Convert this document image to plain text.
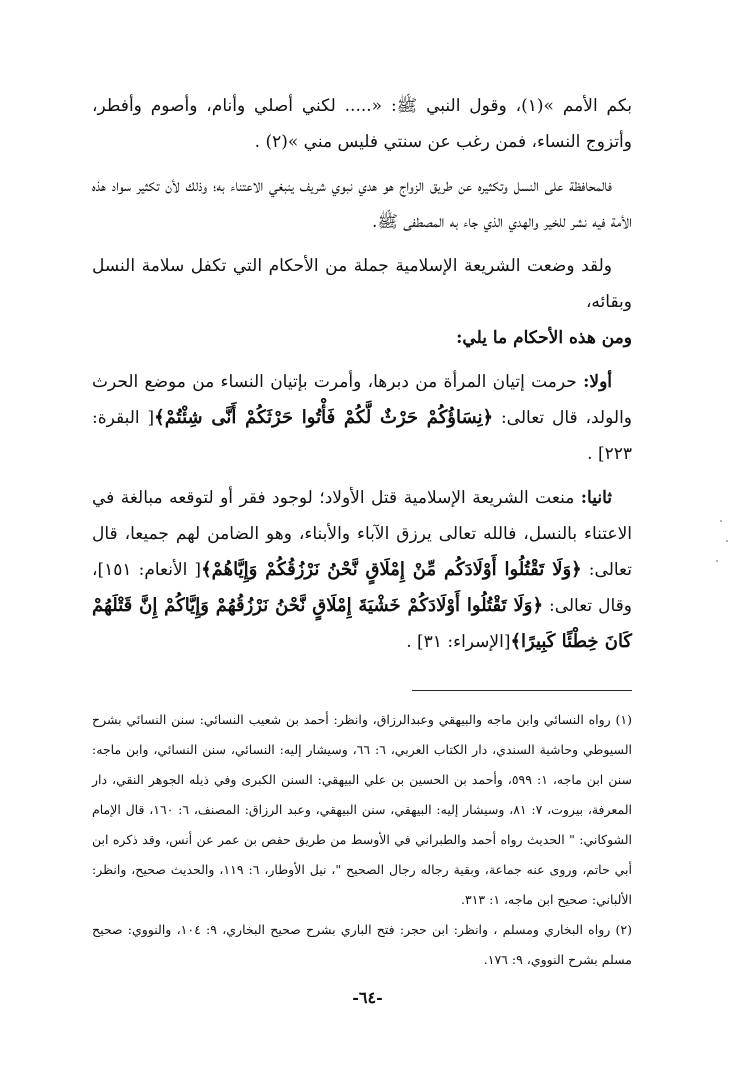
بكم الأمم »(١)، وقول النبي ﷺ: «..... لكني أصلي وأنام، وأصوم وأفطر، وأتزوج النساء، فمن رغب عن سنتي فليس مني »(٢) .

فالمحافظة على النسل وتكثيره عن طريق الزواج هو هدي نبوي شريف ينبغي الاعتناء به؛ وذلك لأن تكثير سواد هذه الأمة فيه نشر للخير والهدي الذي جاء به المصطفى ﷺ.

ولقد وضعت الشريعة الإسلامية جملة من الأحكام التي تكفل سلامة النسل وبقائه،
ومن هذه الأحكام ما يلي:

أولا: حرمت إتيان المرأة من دبرها، وأمرت بإتيان النساء من موضع الحرث والولد، قال تعالى: ﴿نِسَاؤُكُمْ حَرْثٌ لَّكُمْ فَأْتُوا حَرْثَكُمْ أَنَّى شِئْتُمْ﴾[ البقرة: ٢٢٣] .

ثانيا: منعت الشريعة الإسلامية قتل الأولاد؛ لوجود فقر أو لتوقعه مبالغة في الاعتناء بالنسل، فالله تعالى يرزق الآباء والأبناء، وهو الضامن لهم جميعا، قال تعالى: ﴿وَلَا تَقْتُلُوا أَوْلَادَكُم مِّنْ إِمْلَاقٍ نَّحْنُ نَرْزُقُكُمْ وَإِيَّاهُمْ﴾[ الأنعام: ١٥١]، وقال تعالى: ﴿وَلَا تَقْتُلُوا أَوْلَادَكُمْ خَشْيَةَ إِمْلَاقٍ نَّحْنُ نَرْزُقُهُمْ وَإِيَّاكُمْ إِنَّ قَتْلَهُمْ كَانَ خِطْئًا كَبِيرًا﴾[الإسراء: ٣١] .

(١) رواه النسائي وابن ماجه والبيهقي وعبدالرزاق، وانظر: أحمد بن شعيب النسائي: سنن النسائي بشرح السيوطي وحاشية السندي، دار الكتاب العربي، ٦: ٦٦، وسيشار إليه: النسائي، سنن النسائي، وابن ماجه: سنن ابن ماجه، ١: ٥٩٩، وأحمد بن الحسين بن علي البيهقي: السنن الكبرى وفي ذيله الجوهر النقي، دار المعرفة، بيروت، ٧: ٨١، وسيشار إليه: البيهقي، سنن البيهقي، وعبد الرزاق: المصنف، ٦: ١٦٠، قال الإمام الشوكاني: " الحديث رواه أحمد والطبراني في الأوسط من طريق حفص بن عمر عن أنس، وقد ذكره ابن أبي حاتم، وروى عنه جماعة، وبقية رجاله رجال الصحيح "، نيل الأوطار، ٦: ١١٩، والحديث صحيح، وانظر: الألباني: صحيح ابن ماجه، ١: ٣١٣.

(٢) رواه البخاري ومسلم ، وانظر: ابن حجر: فتح الباري بشرح صحيح البخاري، ٩: ١٠٤، والنووي: صحيح مسلم بشرح النووي، ٩: ١٧٦.

-٦٤-
